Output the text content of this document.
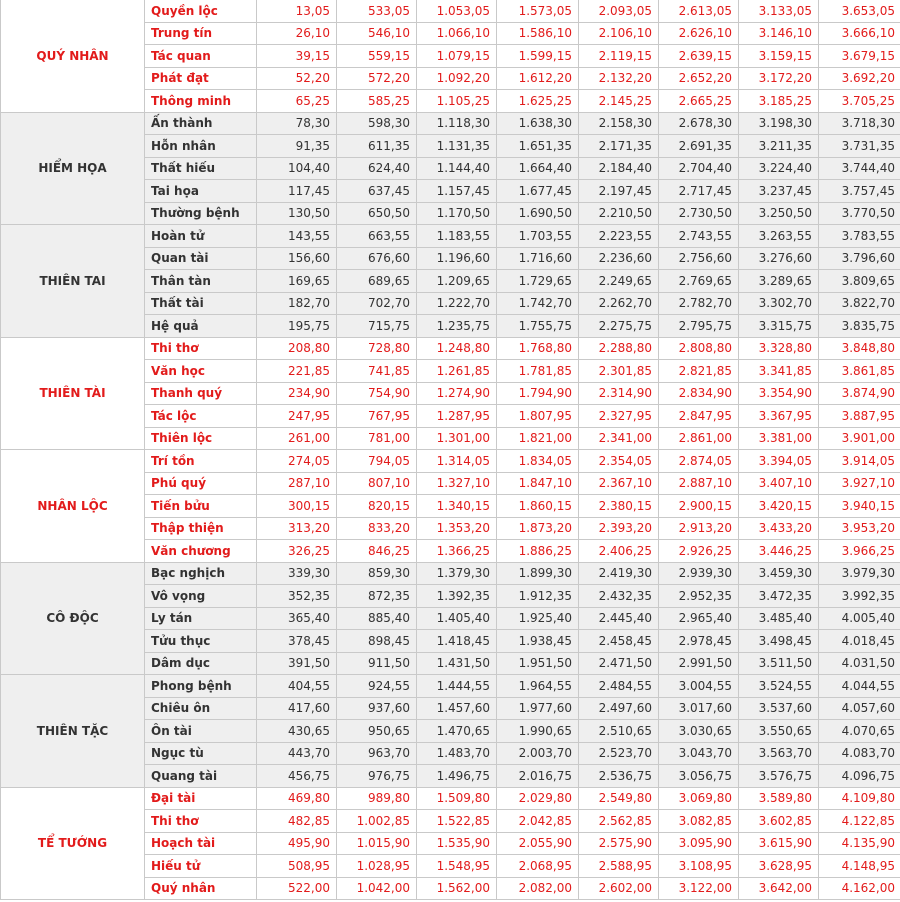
QUÝ NHÂN	Quyền lộc	13,05	533,05	1.053,05	1.573,05	2.093,05	2.613,05	3.133,05	3.653,05
	Trung tín	26,10	546,10	1.066,10	1.586,10	2.106,10	2.626,10	3.146,10	3.666,10
	Tác quan	39,15	559,15	1.079,15	1.599,15	2.119,15	2.639,15	3.159,15	3.679,15
	Phát đạt	52,20	572,20	1.092,20	1.612,20	2.132,20	2.652,20	3.172,20	3.692,20
	Thông minh	65,25	585,25	1.105,25	1.625,25	2.145,25	2.665,25	3.185,25	3.705,25
HIỂM HỌA	Ấn thành	78,30	598,30	1.118,30	1.638,30	2.158,30	2.678,30	3.198,30	3.718,30
	Hỗn nhân	91,35	611,35	1.131,35	1.651,35	2.171,35	2.691,35	3.211,35	3.731,35
	Thất hiếu	104,40	624,40	1.144,40	1.664,40	2.184,40	2.704,40	3.224,40	3.744,40
	Tai họa	117,45	637,45	1.157,45	1.677,45	2.197,45	2.717,45	3.237,45	3.757,45
	Thường bệnh	130,50	650,50	1.170,50	1.690,50	2.210,50	2.730,50	3.250,50	3.770,50
THIÊN TAI	Hoàn tử	143,55	663,55	1.183,55	1.703,55	2.223,55	2.743,55	3.263,55	3.783,55
	Quan tài	156,60	676,60	1.196,60	1.716,60	2.236,60	2.756,60	3.276,60	3.796,60
	Thân tàn	169,65	689,65	1.209,65	1.729,65	2.249,65	2.769,65	3.289,65	3.809,65
	Thất tài	182,70	702,70	1.222,70	1.742,70	2.262,70	2.782,70	3.302,70	3.822,70
	Hệ quả	195,75	715,75	1.235,75	1.755,75	2.275,75	2.795,75	3.315,75	3.835,75
THIÊN TÀI	Thi thơ	208,80	728,80	1.248,80	1.768,80	2.288,80	2.808,80	3.328,80	3.848,80
	Văn học	221,85	741,85	1.261,85	1.781,85	2.301,85	2.821,85	3.341,85	3.861,85
	Thanh quý	234,90	754,90	1.274,90	1.794,90	2.314,90	2.834,90	3.354,90	3.874,90
	Tác lộc	247,95	767,95	1.287,95	1.807,95	2.327,95	2.847,95	3.367,95	3.887,95
	Thiên lộc	261,00	781,00	1.301,00	1.821,00	2.341,00	2.861,00	3.381,00	3.901,00
NHÂN LỘC	Trí tồn	274,05	794,05	1.314,05	1.834,05	2.354,05	2.874,05	3.394,05	3.914,05
	Phú quý	287,10	807,10	1.327,10	1.847,10	2.367,10	2.887,10	3.407,10	3.927,10
	Tiến bửu	300,15	820,15	1.340,15	1.860,15	2.380,15	2.900,15	3.420,15	3.940,15
	Thập thiện	313,20	833,20	1.353,20	1.873,20	2.393,20	2.913,20	3.433,20	3.953,20
	Văn chương	326,25	846,25	1.366,25	1.886,25	2.406,25	2.926,25	3.446,25	3.966,25
CÔ ĐỘC	Bạc nghịch	339,30	859,30	1.379,30	1.899,30	2.419,30	2.939,30	3.459,30	3.979,30
	Vô vọng	352,35	872,35	1.392,35	1.912,35	2.432,35	2.952,35	3.472,35	3.992,35
	Ly tán	365,40	885,40	1.405,40	1.925,40	2.445,40	2.965,40	3.485,40	4.005,40
	Tửu thục	378,45	898,45	1.418,45	1.938,45	2.458,45	2.978,45	3.498,45	4.018,45
	Dâm dục	391,50	911,50	1.431,50	1.951,50	2.471,50	2.991,50	3.511,50	4.031,50
THIÊN TẶC	Phong bệnh	404,55	924,55	1.444,55	1.964,55	2.484,55	3.004,55	3.524,55	4.044,55
	Chiêu ôn	417,60	937,60	1.457,60	1.977,60	2.497,60	3.017,60	3.537,60	4.057,60
	Ôn tài	430,65	950,65	1.470,65	1.990,65	2.510,65	3.030,65	3.550,65	4.070,65
	Ngục tù	443,70	963,70	1.483,70	2.003,70	2.523,70	3.043,70	3.563,70	4.083,70
	Quang tài	456,75	976,75	1.496,75	2.016,75	2.536,75	3.056,75	3.576,75	4.096,75
TỂ TƯỚNG	Đại tài	469,80	989,80	1.509,80	2.029,80	2.549,80	3.069,80	3.589,80	4.109,80
	Thi thơ	482,85	1.002,85	1.522,85	2.042,85	2.562,85	3.082,85	3.602,85	4.122,85
	Hoạch tài	495,90	1.015,90	1.535,90	2.055,90	2.575,90	3.095,90	3.615,90	4.135,90
	Hiếu tử	508,95	1.028,95	1.548,95	2.068,95	2.588,95	3.108,95	3.628,95	4.148,95
	Quý nhân	522,00	1.042,00	1.562,00	2.082,00	2.602,00	3.122,00	3.642,00	4.162,00
